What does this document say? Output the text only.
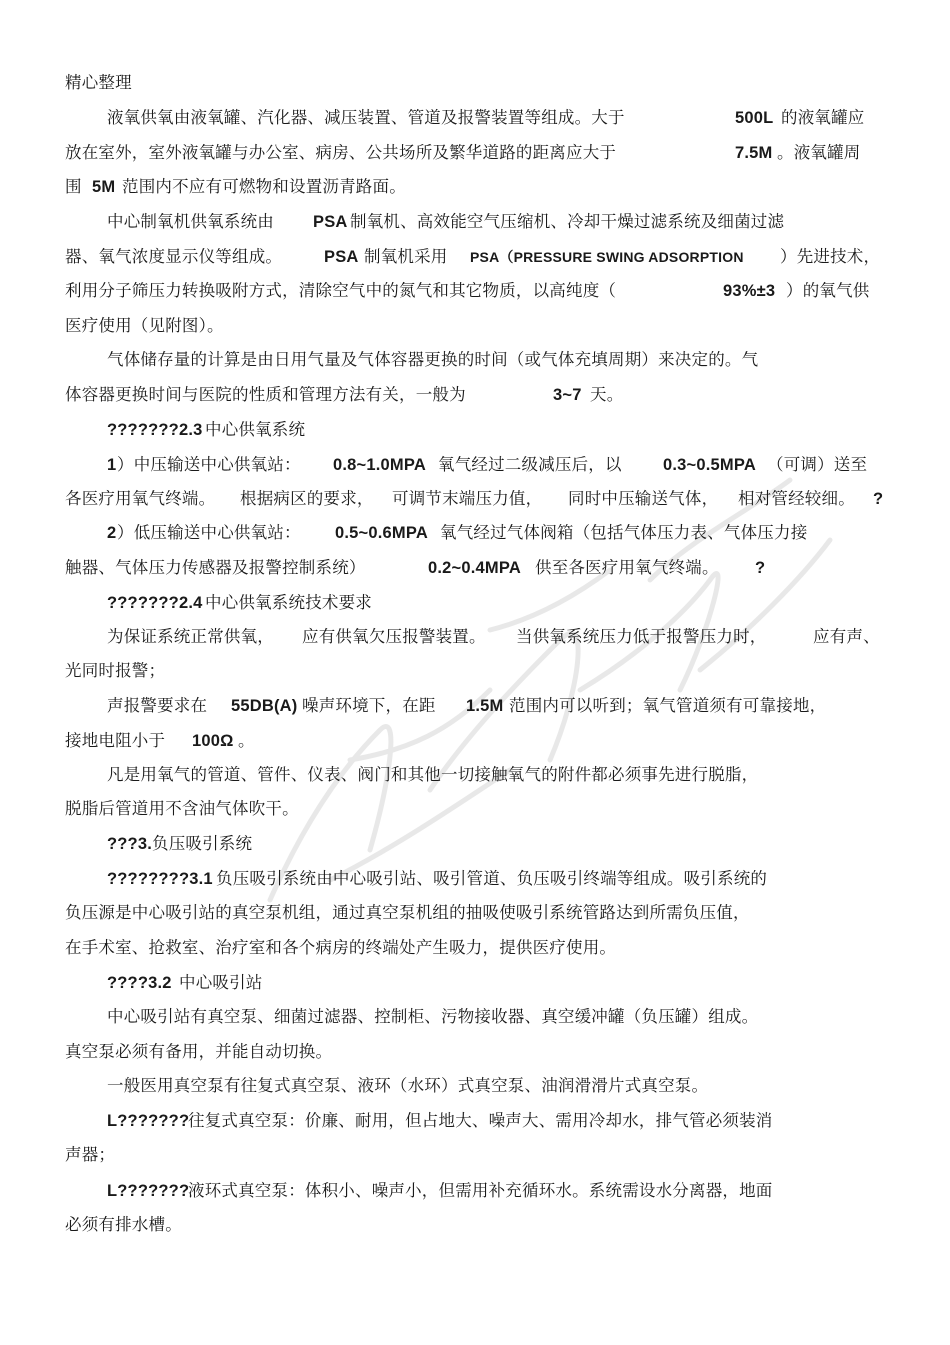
精心整理
液氧供氧由液氧罐、汽化器、减压装置、管道及报警装置等组成。大于	500L 的液氧罐应
放在室外，室外液氧罐与办公室、病房、公共场所及繁华道路的距离应大于	7.5M 。液氧罐周
围 5M 范围内不应有可燃物和设置沥青路面。
中心制氧机供氧系统由 PSA 制氧机、高效能空气压缩机、冷却干燥过滤系统及细菌过滤
器、氧气浓度显示仪等组成。	PSA 制氧机采用 PSA（PRESSURE SWING ADSORPTION ）先进技术，
利用分子筛压力转换吸附方式，清除空气中的氮气和其它物质，以高纯度（	93%±3 ）的氧气供
医疗使用（见附图）。
气体储存量的计算是由日用气量及气体容器更换的时间（或气体充填周期）来决定的。气
体容器更换时间与医院的性质和管理方法有关，一般为	3~7 天。
???????2.3 中心供氧系统
1 ）中压输送中心供氧站： 0.8~1.0MPA 氧气经过二级减压后，以	0.3~0.5MPA （可调）送至
各医疗用氧气终端。 根据病区的要求， 可调节末端压力值， 同时中压输送气体， 相对管经较细。 ?
2 ）低压输送中心供氧站： 0.5~0.6MPA 氧气经过气体阀箱（包括气体压力表、气体压力接
触器、气体压力传感器及报警控制系统）	0.2~0.4MPA 供至各医疗用氧气终端。 ?
???????2.4 中心供氧系统技术要求
为保证系统正常供氧， 应有供氧欠压报警装置。 当供氧系统压力低于报警压力时，	应有声、
光同时报警；
声报警要求在 55DB(A) 噪声环境下，在距 1.5M 范围内可以听到；氧气管道须有可靠接地，
接地电阻小于 100Ω 。
凡是用氧气的管道、管件、仪表、阀门和其他一切接触氧气的附件都必须事先进行脱脂，
脱脂后管道用不含油气体吹干。
???3. 负压吸引系统
????????3.1 负压吸引系统由中心吸引站、吸引管道、负压吸引终端等组成。吸引系统的
负压源是中心吸引站的真空泵机组，通过真空泵机组的抽吸使吸引系统管路达到所需负压值，
在手术室、抢救室、治疗室和各个病房的终端处产生吸力，提供医疗使用。
????3.2 中心吸引站
中心吸引站有真空泵、细菌过滤器、控制柜、污物接收器、真空缓冲罐（负压罐）组成。
真空泵必须有备用，并能自动切换。
一般医用真空泵有往复式真空泵、液环（水环）式真空泵、油润滑滑片式真空泵。
L???????
往复式真空泵：价廉、耐用，但占地大、噪声大、需用冷却水，排气管必须装消
声器；
L???????
液环式真空泵：体积小、噪声小，但需用补充循环水。系统需设水分离器，地面
必须有排水槽。
